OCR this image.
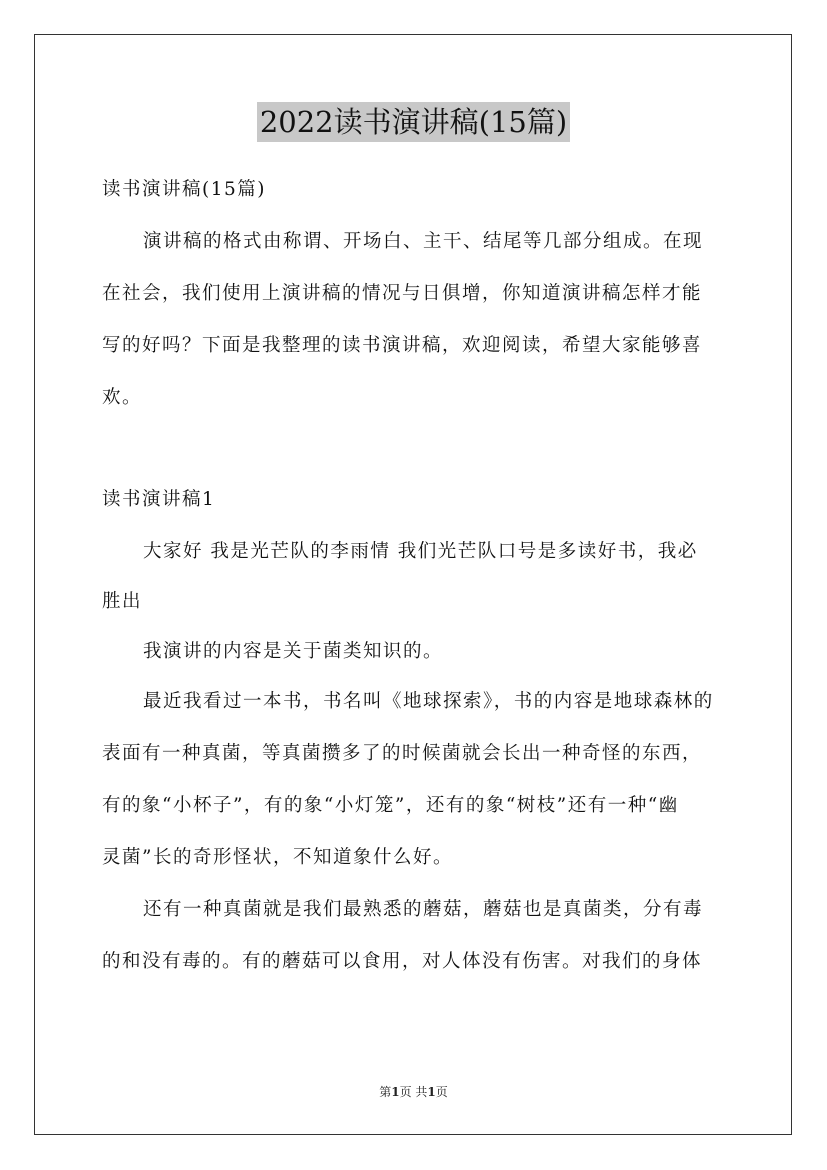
2022读书演讲稿(15篇)
读书演讲稿(15篇)
演讲稿的格式由称谓、开场白、主干、结尾等几部分组成。在现
在社会，我们使用上演讲稿的情况与日俱增，你知道演讲稿怎样才能
写的好吗？下面是我整理的读书演讲稿，欢迎阅读，希望大家能够喜
欢。
读书演讲稿1
大家好 我是光芒队的李雨情 我们光芒队口号是多读好书，我必
胜出
我演讲的内容是关于菌类知识的。
最近我看过一本书，书名叫《地球探索》，书的内容是地球森林的
表面有一种真菌，等真菌攒多了的时候菌就会长出一种奇怪的东西，
有的象“小杯子”，有的象“小灯笼”，还有的象“树枝”还有一种“幽
灵菌”长的奇形怪状，不知道象什么好。
还有一种真菌就是我们最熟悉的蘑菇，蘑菇也是真菌类，分有毒
的和没有毒的。有的蘑菇可以食用，对人体没有伤害。对我们的身体
第1页 共1页
